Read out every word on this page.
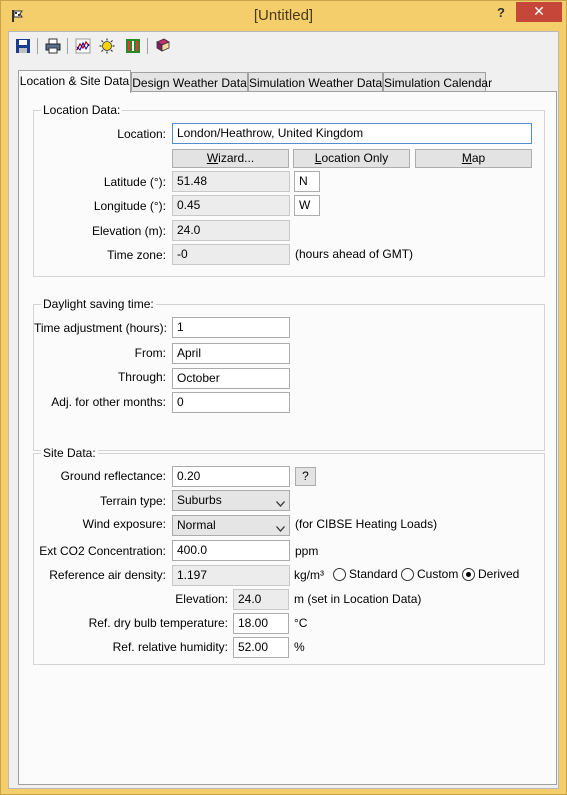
[Untitled]	?	✕
Location & Site Data Design Weather Data Simulation Weather Data Simulation Calendar
Location Data:
Location: London/Heathrow, United Kingdom
Wizard...	Location Only	Map
Latitude (°): 51.48	N
Longitude (°): 0.45	W
Elevation (m): 24.0
Time zone: -0	(hours ahead of GMT)
Daylight saving time:
Time adjustment (hours): 1
From: April
Through: October
Adj. for other months: 0
Site Data:
Ground reflectance: 0.20	?
Terrain type: Suburbs
Wind exposure: Normal	(for CIBSE Heating Loads)
Ext CO2 Concentration: 400.0	ppm
Reference air density: 1.197	kg/m³ Standard Custom Derived
Elevation: 24.0	m (set in Location Data)
Ref. dry bulb temperature: 18.00	°C
Ref. relative humidity: 52.00	%
